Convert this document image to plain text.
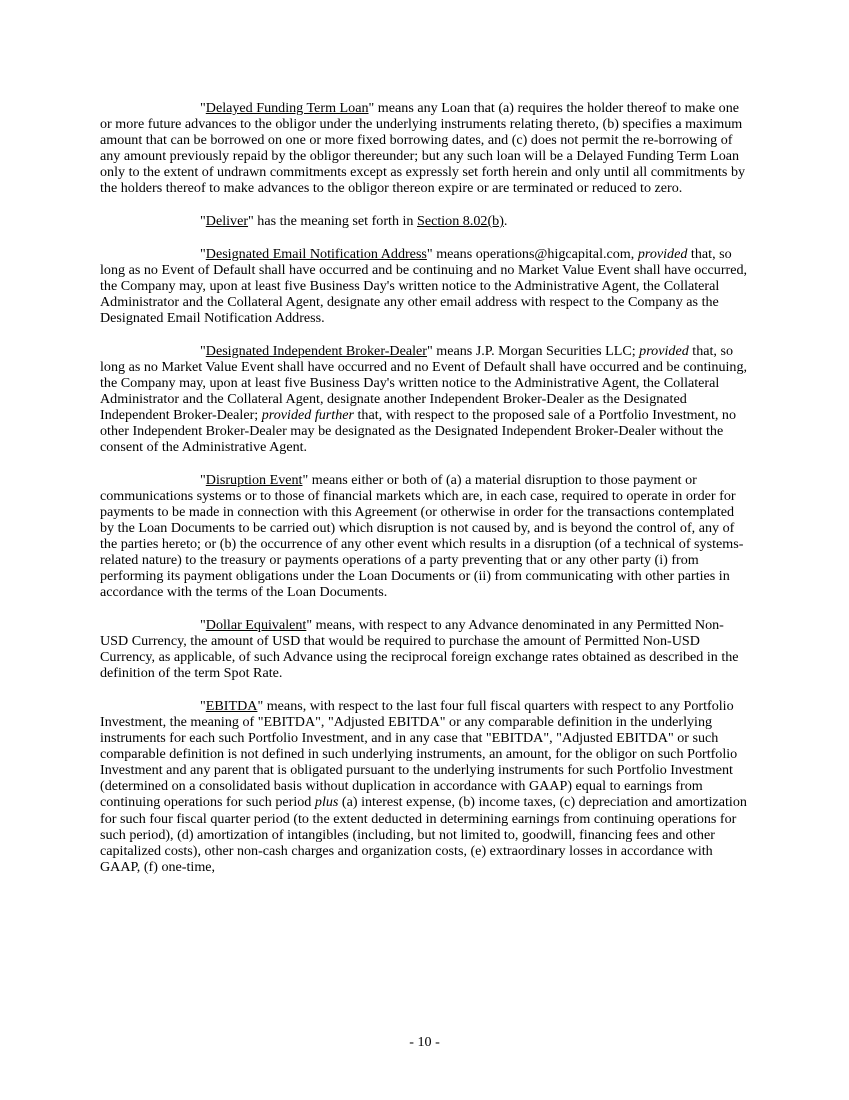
"Delayed Funding Term Loan" means any Loan that (a) requires the holder thereof to make one or more future advances to the obligor under the underlying instruments relating thereto, (b) specifies a maximum amount that can be borrowed on one or more fixed borrowing dates, and (c) does not permit the re-borrowing of any amount previously repaid by the obligor thereunder; but any such loan will be a Delayed Funding Term Loan only to the extent of undrawn commitments except as expressly set forth herein and only until all commitments by the holders thereof to make advances to the obligor thereon expire or are terminated or reduced to zero.

"Deliver" has the meaning set forth in Section 8.02(b).

"Designated Email Notification Address" means operations@higcapital.com, provided that, so long as no Event of Default shall have occurred and be continuing and no Market Value Event shall have occurred, the Company may, upon at least five Business Day's written notice to the Administrative Agent, the Collateral Administrator and the Collateral Agent, designate any other email address with respect to the Company as the Designated Email Notification Address.

"Designated Independent Broker-Dealer" means J.P. Morgan Securities LLC; provided that, so long as no Market Value Event shall have occurred and no Event of Default shall have occurred and be continuing, the Company may, upon at least five Business Day's written notice to the Administrative Agent, the Collateral Administrator and the Collateral Agent, designate another Independent Broker-Dealer as the Designated Independent Broker-Dealer; provided further that, with respect to the proposed sale of a Portfolio Investment, no other Independent Broker-Dealer may be designated as the Designated Independent Broker-Dealer without the consent of the Administrative Agent.

"Disruption Event" means either or both of (a) a material disruption to those payment or communications systems or to those of financial markets which are, in each case, required to operate in order for payments to be made in connection with this Agreement (or otherwise in order for the transactions contemplated by the Loan Documents to be carried out) which disruption is not caused by, and is beyond the control of, any of the parties hereto; or (b) the occurrence of any other event which results in a disruption (of a technical of systems-related nature) to the treasury or payments operations of a party preventing that or any other party (i) from performing its payment obligations under the Loan Documents or (ii) from communicating with other parties in accordance with the terms of the Loan Documents.

"Dollar Equivalent" means, with respect to any Advance denominated in any Permitted Non-USD Currency, the amount of USD that would be required to purchase the amount of Permitted Non-USD Currency, as applicable, of such Advance using the reciprocal foreign exchange rates obtained as described in the definition of the term Spot Rate.

"EBITDA" means, with respect to the last four full fiscal quarters with respect to any Portfolio Investment, the meaning of "EBITDA", "Adjusted EBITDA" or any comparable definition in the underlying instruments for each such Portfolio Investment, and in any case that "EBITDA", "Adjusted EBITDA" or such comparable definition is not defined in such underlying instruments, an amount, for the obligor on such Portfolio Investment and any parent that is obligated pursuant to the underlying instruments for such Portfolio Investment (determined on a consolidated basis without duplication in accordance with GAAP) equal to earnings from continuing operations for such period plus (a) interest expense, (b) income taxes, (c) depreciation and amortization for such four fiscal quarter period (to the extent deducted in determining earnings from continuing operations for such period), (d) amortization of intangibles (including, but not limited to, goodwill, financing fees and other capitalized costs), other non-cash charges and organization costs, (e) extraordinary losses in accordance with GAAP, (f) one-time,

- 10 -
